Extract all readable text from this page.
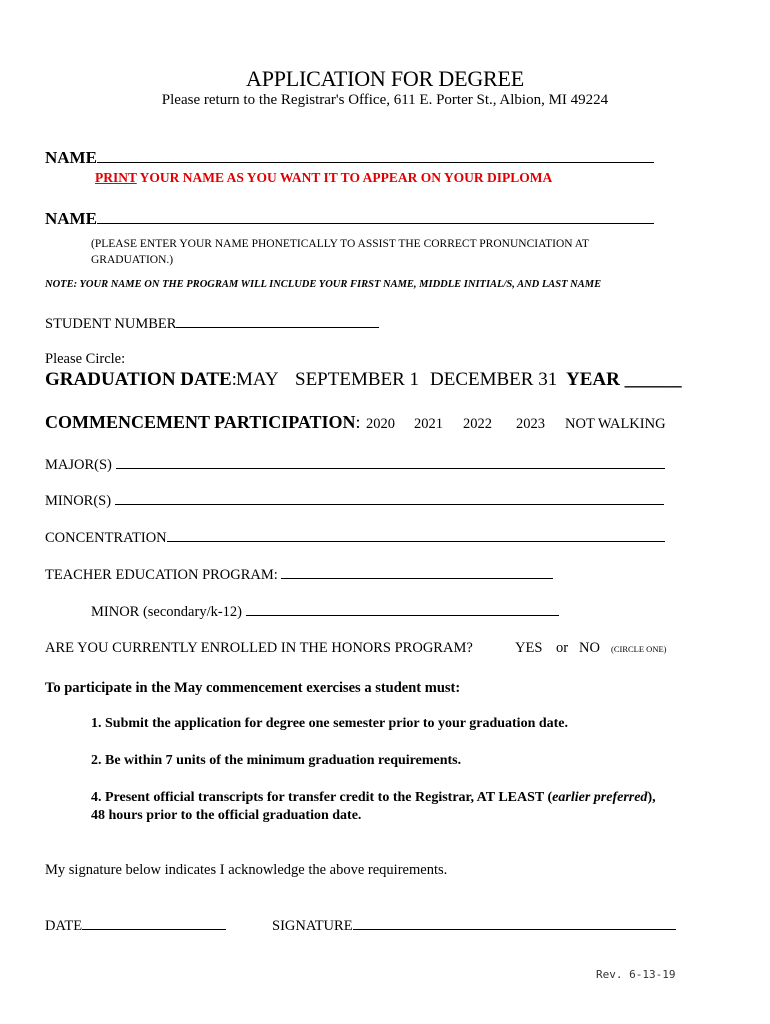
APPLICATION FOR DEGREE
Please return to the Registrar's Office, 611 E. Porter St., Albion, MI 49224
NAME
PRINT YOUR NAME AS YOU WANT IT TO APPEAR ON YOUR DIPLOMA
NAME
(PLEASE ENTER YOUR NAME PHONETICALLY TO ASSIST THE CORRECT PRONUNCIATION AT
GRADUATION.)
NOTE: YOUR NAME ON THE PROGRAM WILL INCLUDE YOUR FIRST NAME, MIDDLE INITIAL/S, AND LAST NAME
STUDENT NUMBER
Please Circle:
GRADUATION DATE: MAY SEPTEMBER 1 DECEMBER 31 YEAR ______
COMMENCEMENT PARTICIPATION: 2020 2021 2022 2023 NOT WALKING
MAJOR(S)
MINOR(S)
CONCENTRATION
TEACHER EDUCATION PROGRAM:
MINOR (secondary/k-12)
ARE YOU CURRENTLY ENROLLED IN THE HONORS PROGRAM?	YES or NO (CIRCLE ONE)
To participate in the May commencement exercises a student must:
1. Submit the application for degree one semester prior to your graduation date.
2. Be within 7 units of the minimum graduation requirements.
4. Present official transcripts for transfer credit to the Registrar, AT LEAST (earlier preferred),
48 hours prior to the official graduation date.
My signature below indicates I acknowledge the above requirements.
DATE	SIGNATURE
Rev. 6-13-19
